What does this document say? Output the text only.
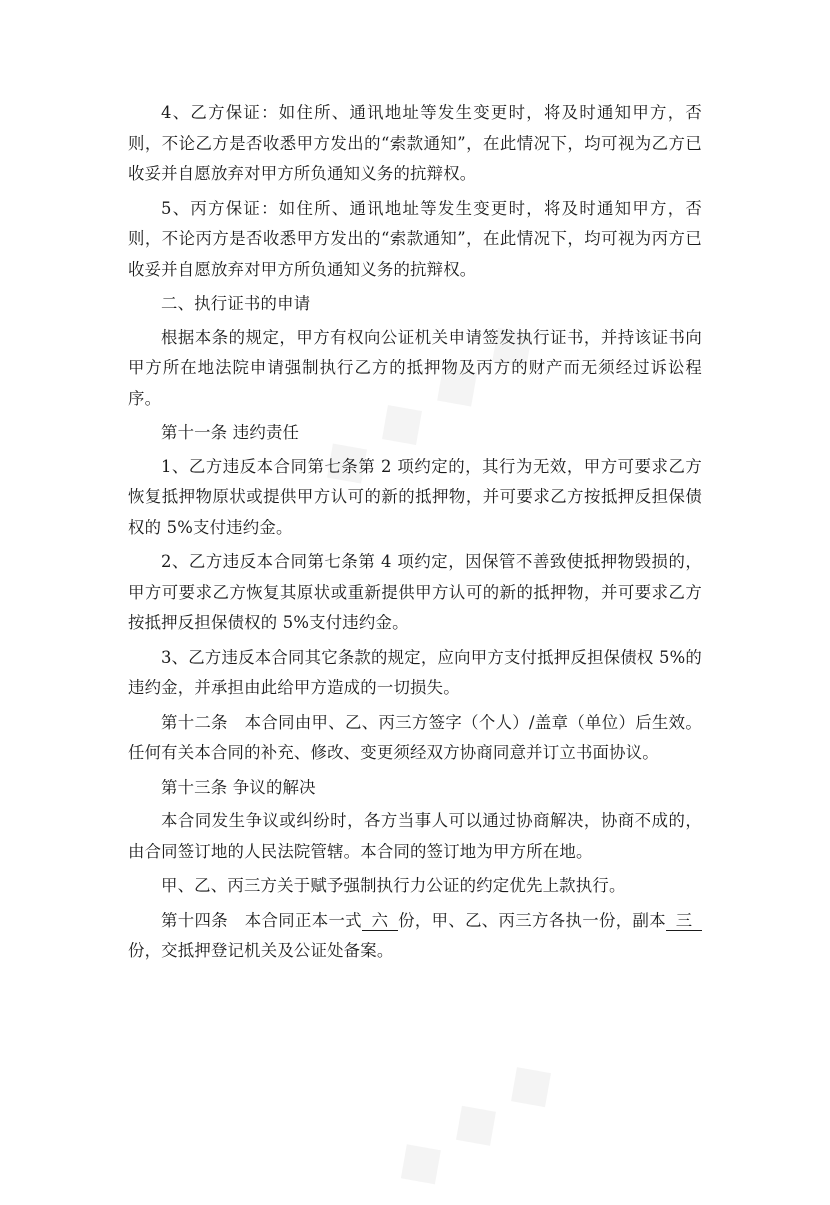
4、乙方保证：如住所、通讯地址等发生变更时，将及时通知甲方，否则，不论乙方是否收悉甲方发出的“索款通知”，在此情况下，均可视为乙方已收妥并自愿放弃对甲方所负通知义务的抗辩权。

5、丙方保证：如住所、通讯地址等发生变更时，将及时通知甲方，否则，不论丙方是否收悉甲方发出的“索款通知”，在此情况下，均可视为丙方已收妥并自愿放弃对甲方所负通知义务的抗辩权。

二、执行证书的申请

根据本条的规定，甲方有权向公证机关申请签发执行证书，并持该证书向甲方所在地法院申请强制执行乙方的抵押物及丙方的财产而无须经过诉讼程序。

第十一条 违约责任

1、乙方违反本合同第七条第 2 项约定的，其行为无效，甲方可要求乙方恢复抵押物原状或提供甲方认可的新的抵押物，并可要求乙方按抵押反担保债权的 5%支付违约金。

2、乙方违反本合同第七条第 4 项约定，因保管不善致使抵押物毁损的，甲方可要求乙方恢复其原状或重新提供甲方认可的新的抵押物，并可要求乙方按抵押反担保债权的 5%支付违约金。

3、乙方违反本合同其它条款的规定，应向甲方支付抵押反担保债权 5%的违约金，并承担由此给甲方造成的一切损失。

第十二条　本合同由甲、乙、丙三方签字（个人）/盖章（单位）后生效。任何有关本合同的补充、修改、变更须经双方协商同意并订立书面协议。

第十三条 争议的解决

本合同发生争议或纠纷时，各方当事人可以通过协商解决，协商不成的，由合同签订地的人民法院管辖。本合同的签订地为甲方所在地。

甲、乙、丙三方关于赋予强制执行力公证的约定优先上款执行。

第十四条　本合同正本一式 六 份，甲、乙、丙三方各执一份，副本 三份，交抵押登记机关及公证处备案。
